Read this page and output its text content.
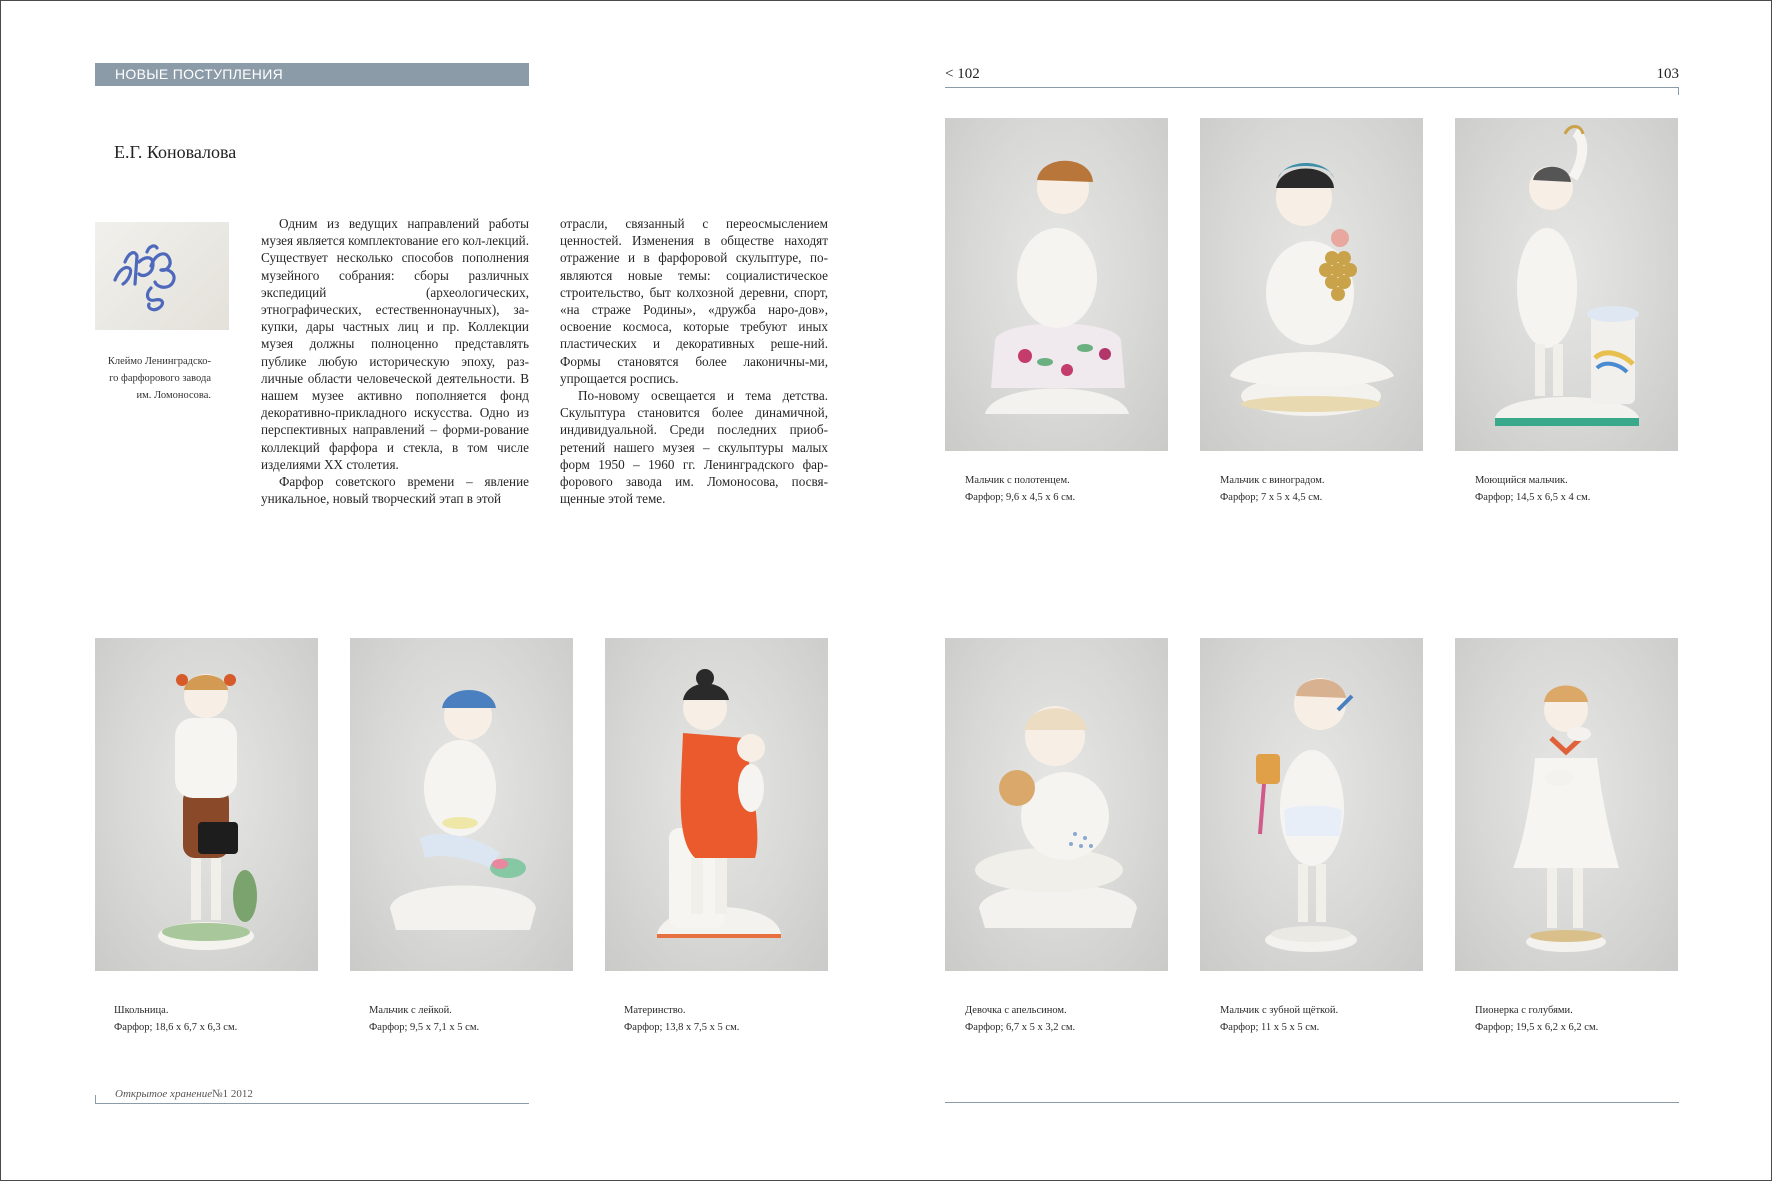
НОВЫЕ ПОСТУПЛЕНИЯ
Е.Г. Коновалова
Клеймо Ленинградско-
го фарфорового завода
им. Ломоносова.

Одним из ведущих направлений работы музея является комплектование его кол-лекций. Существует несколько способов пополнения музейного собрания: сборы различных экспедиций (археологических, этнографических, естественнонаучных), за-купки, дары частных лиц и пр. Коллекции музея должны полноценно представлять публике любую историческую эпоху, раз-личные области человеческой деятельности. В нашем музее активно пополняется фонд декоративно-прикладного искусства. Одно из перспективных направлений – форми-рование коллекций фарфора и стекла, в том числе изделиями XX столетия.

Фарфор советского времени – явление уникальное, новый творческий этап в этой

отрасли, связанный с переосмыслением ценностей. Изменения в обществе находят отражение и в фарфоровой скульптуре, по-являются новые темы: социалистическое строительство, быт колхозной деревни, спорт, «на страже Родины», «дружба наро-дов», освоение космоса, которые требуют иных пластических и декоративных реше-ний. Формы становятся более лаконичны-ми, упрощается роспись.

По-новому освещается и тема детства. Скульптура становится более динамичной, индивидуальной. Среди последних приоб-ретений нашего музея – скульптуры малых форм 1950 – 1960 гг. Ленинградского фар-форового завода им. Ломоносова, посвя-щенные этой теме.

Школьница.
Фарфор; 18,6 х 6,7 х 6,3 см.
Мальчик с лейкой.
Фарфор; 9,5 х 7,1 х 5 см.
Материнство.
Фарфор; 13,8 х 7,5 х 5 см.
Открытое хранение№1 2012
< 102	103
Мальчик с полотенцем.
Фарфор; 9,6 х 4,5 х 6 см.
Мальчик с виноградом.
Фарфор; 7 х 5 х 4,5 см.
Моющийся мальчик.
Фарфор; 14,5 х 6,5 х 4 см.
Девочка с апельсином.
Фарфор; 6,7 х 5 х 3,2 см.
Мальчик с зубной щёткой.
Фарфор; 11 х 5 х 5 см.
Пионерка с голубями.
Фарфор; 19,5 х 6,2 х 6,2 см.
